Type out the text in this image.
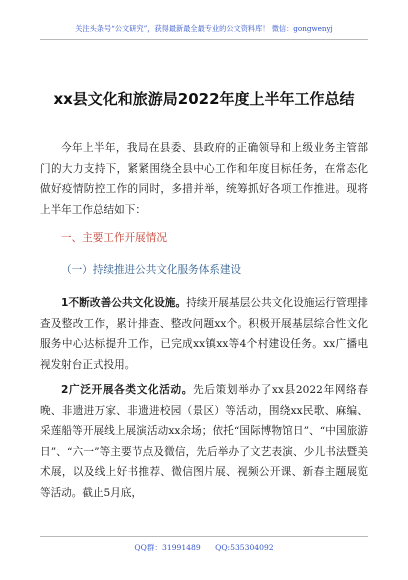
关注头条号“公文研究”，获得最新最全最专业的公文资料库！ 微信：gongwenyj
xx县文化和旅游局2022年度上半年工作总结
今年上半年，我局在县委、县政府的正确领导和上级业务主管部门的大力支持下，紧紧围绕全县中心工作和年度目标任务，在常态化做好疫情防控工作的同时，多措并举，统筹抓好各项工作推进。现将上半年工作总结如下：
一、主要工作开展情况
（一）持续推进公共文化服务体系建设
1不断改善公共文化设施。持续开展基层公共文化设施运行管理排查及整改工作，累计排查、整改问题xx个。积极开展基层综合性文化服务中心达标提升工作，已完成xx镇xx等4个村建设任务。xx广播电视发射台正式投用。
2广泛开展各类文化活动。先后策划举办了xx县2022年网络春晚、非遗进万家、非遗进校园（景区）等活动，围绕xx民歌、麻编、采莲船等开展线上展演活动xx余场；依托“国际博物馆日”、“中国旅游日”、“六一”等主要节点及微信，先后举办了文艺表演、少儿书法暨美术展，以及线上好书推荐、微信图片展、视频公开课、新春主题展览等活动。截止5月底，
QQ群：31991489 QQ:535304092
